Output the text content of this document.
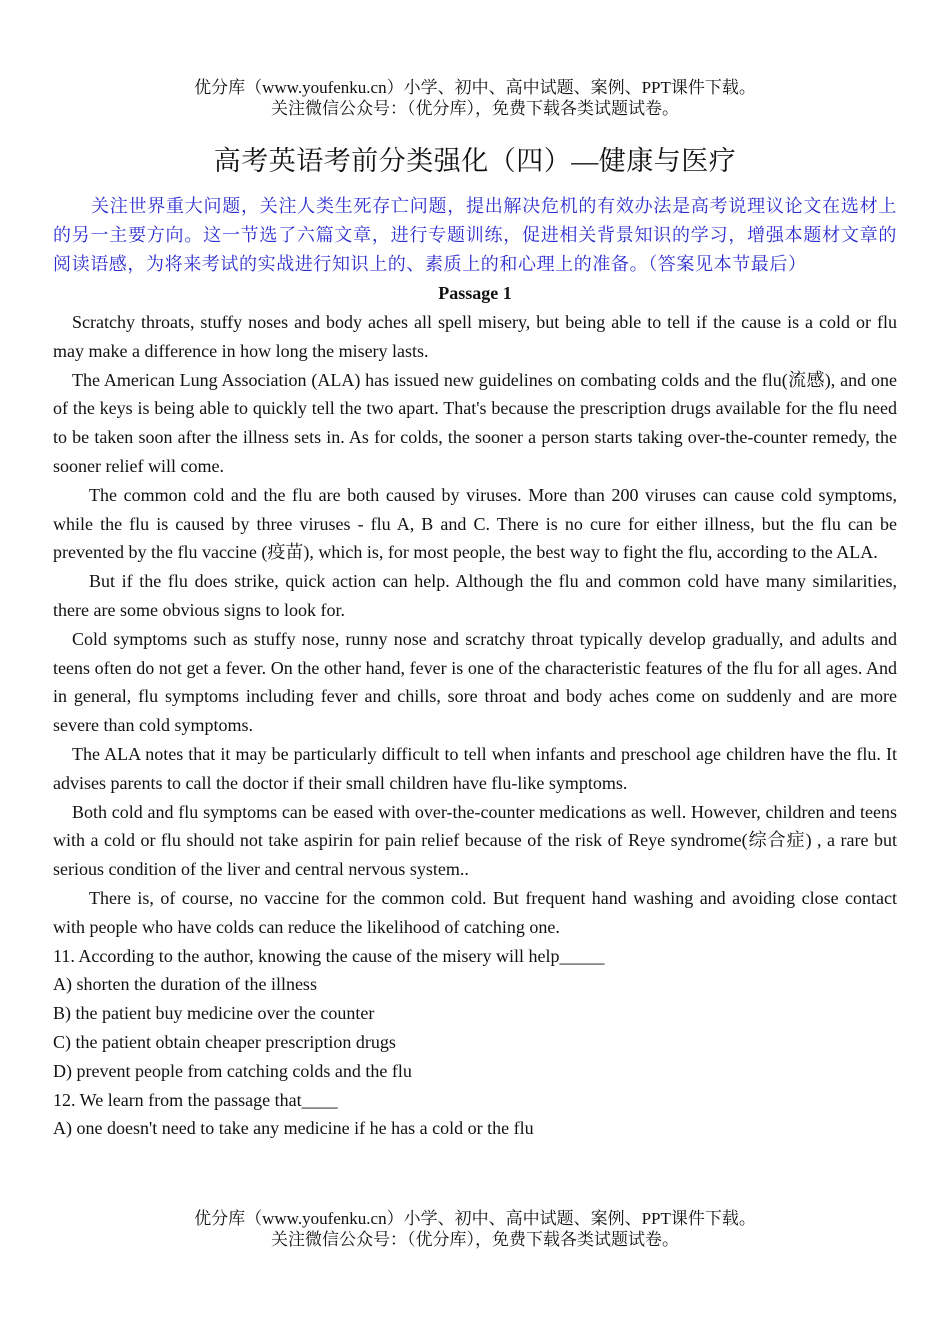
优分库（www.youfenku.cn）小学、初中、高中试题、案例、PPT课件下载。
关注微信公众号：（优分库），免费下载各类试题试卷。
高考英语考前分类强化（四）—健康与医疗

关注世界重大问题，关注人类生死存亡问题，提出解决危机的有效办法是高考说理议论文在选材上的另一主要方向。这一节选了六篇文章，进行专题训练，促进相关背景知识的学习，增强本题材文章的阅读语感，为将来考试的实战进行知识上的、素质上的和心理上的准备。（答案见本节最后）

Passage 1

Scratchy throats, stuffy noses and body aches all spell misery, but being able to tell if the cause is a cold or flu may make a difference in how long the misery lasts.

The American Lung Association (ALA) has issued new guidelines on combating colds and the flu(流感), and one of the keys is being able to quickly tell the two apart. That's because the prescription drugs available for the flu need to be taken soon after the illness sets in. As for colds, the sooner a person starts taking over-the-counter remedy, the sooner relief will come.

The common cold and the flu are both caused by viruses. More than 200 viruses can cause cold symptoms, while the flu is caused by three viruses - flu A, B and C. There is no cure for either illness, but the flu can be prevented by the flu vaccine (疫苗), which is, for most people, the best way to fight the flu, according to the ALA.

But if the flu does strike, quick action can help. Although the flu and common cold have many similarities, there are some obvious signs to look for.

Cold symptoms such as stuffy nose, runny nose and scratchy throat typically develop gradually, and adults and teens often do not get a fever. On the other hand, fever is one of the characteristic features of the flu for all ages. And in general, flu symptoms including fever and chills, sore throat and body aches come on suddenly and are more severe than cold symptoms.

The ALA notes that it may be particularly difficult to tell when infants and preschool age children have the flu. It advises parents to call the doctor if their small children have flu-like symptoms.

Both cold and flu symptoms can be eased with over-the-counter medications as well. However, children and teens with a cold or flu should not take aspirin for pain relief because of the risk of Reye syndrome(综合症) , a rare but serious condition of the liver and central nervous system..

There is, of course, no vaccine for the common cold. But frequent hand washing and avoiding close contact with people who have colds can reduce the likelihood of catching one.

11. According to the author, knowing the cause of the misery will help_____

A) shorten the duration of the illness

B) the patient buy medicine over the counter

C) the patient obtain cheaper prescription drugs

D) prevent people from catching colds and the flu

12. We learn from the passage that____

A) one doesn't need to take any medicine if he has a cold or the flu

优分库（www.youfenku.cn）小学、初中、高中试题、案例、PPT课件下载。
关注微信公众号：（优分库），免费下载各类试题试卷。
